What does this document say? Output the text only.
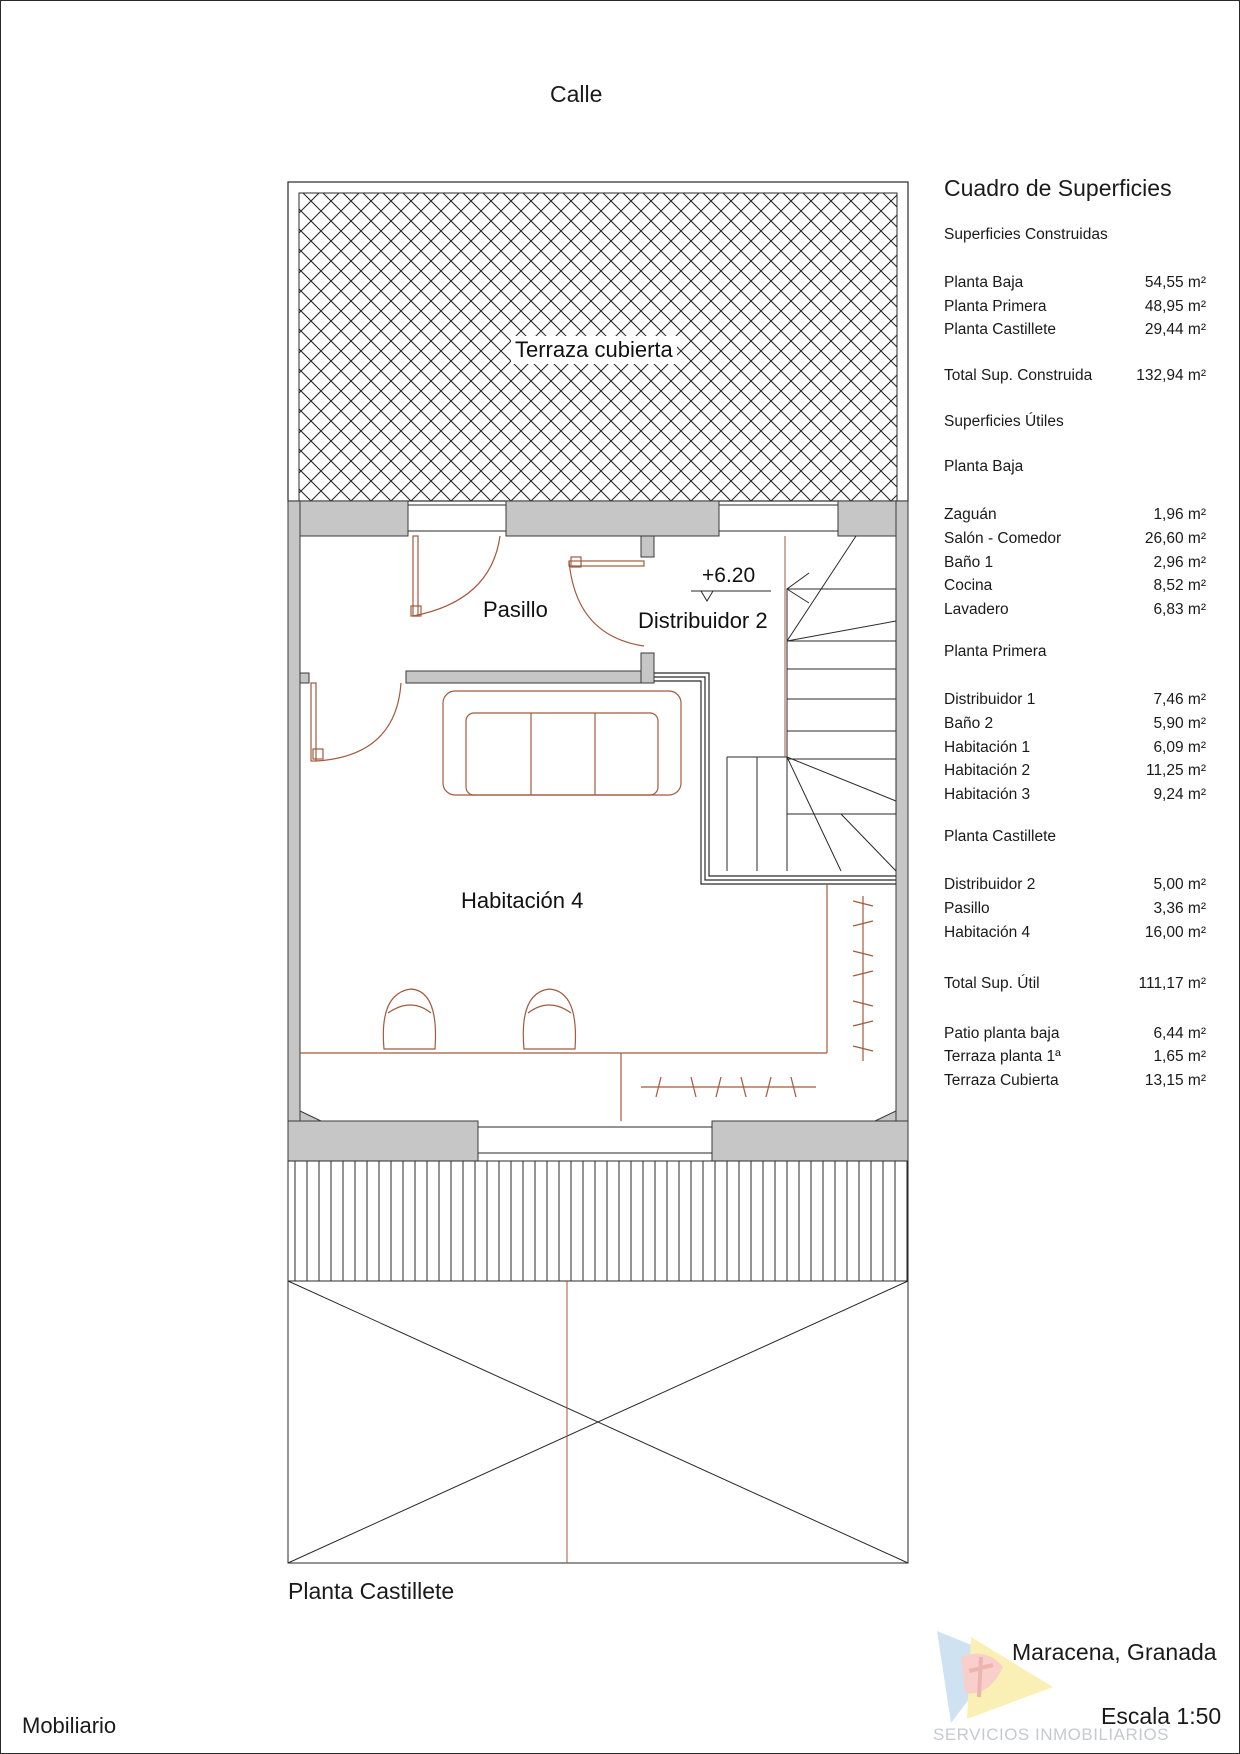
Calle
Terraza cubierta
Pasillo	Distribuidor 2
Habitación 4
+6.20
Planta Castillete
Maracena, Granada
Escala 1:50
Mobiliario
Cuadro de Superficies
Superficies Construidas
Planta Baja	54,55 m²
Planta Primera	48,95 m²
Planta Castillete	29,44 m²
Total Sup. Construida	132,94 m²
Superficies Útiles
Planta Baja
Zaguán	1,96 m²
Salón - Comedor	26,60 m²
Baño 1	2,96 m²
Cocina	8,52 m²
Lavadero	6,83 m²
Planta Primera
Distribuidor 1	7,46 m²
Baño 2	5,90 m²
Habitación 1	6,09 m²
Habitación 2	11,25 m²
Habitación 3	9,24 m²
Planta Castillete
Distribuidor 2	5,00 m²
Pasillo	3,36 m²
Habitación 4	16,00 m²
Total Sup. Útil	111,17 m²
Patio planta baja	6,44 m²
Terraza planta 1ª	1,65 m²
Terraza Cubierta	13,15 m²
SERVICIOS INMOBILIARIOS
